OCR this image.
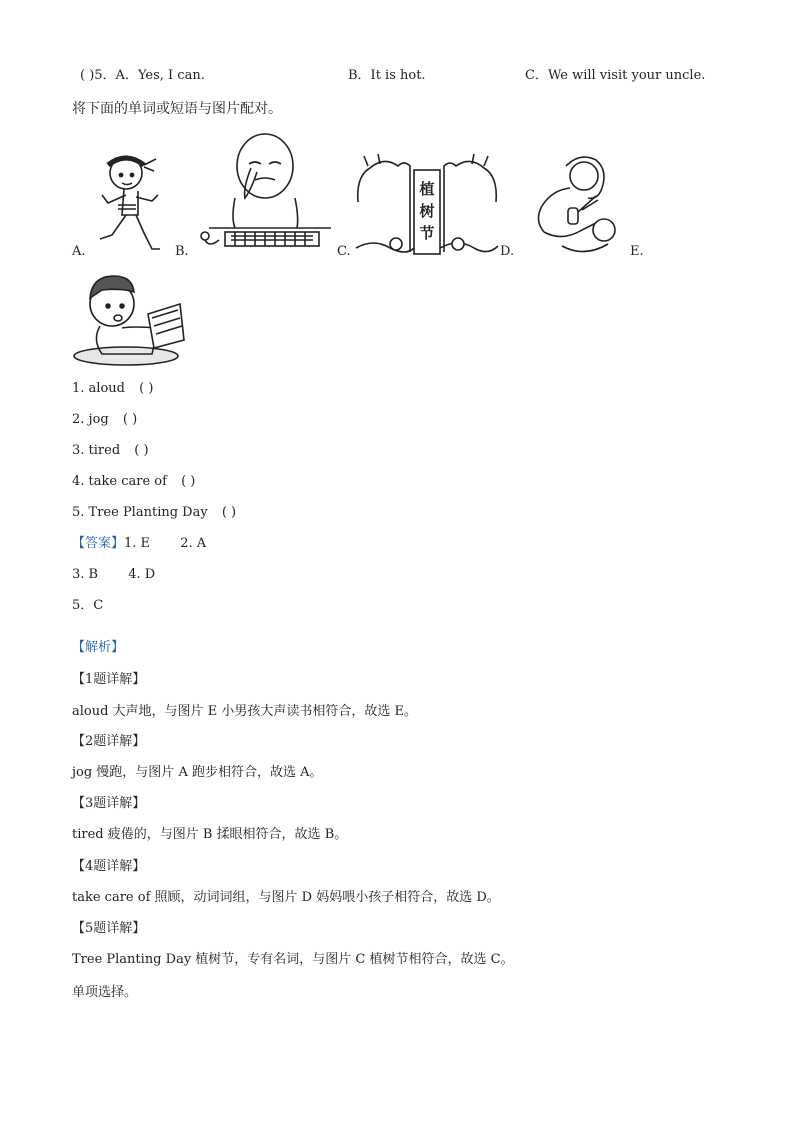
( )5．A．Yes, I can.	B．It is hot.	C．We will visit your uncle.
将下面的单词或短语与图片配对。
A.	B.
植树节
C.	D.	E.
1. aloud ( )
2. jog ( )
3. tired ( )
4. take care of ( )
5. Tree Planting Day ( )
【答案】1. E 2. A
3. B 4. D
5．C
【解析】
【1题详解】
aloud 大声地，与图片 E 小男孩大声读书相符合，故选 E。
【2题详解】
jog 慢跑，与图片 A 跑步相符合，故选 A。
【3题详解】
tired 疲倦的，与图片 B 揉眼相符合，故选 B。
【4题详解】
take care of 照顾，动词词组，与图片 D 妈妈喂小孩子相符合，故选 D。
【5题详解】
Tree Planting Day 植树节，专有名词，与图片 C 植树节相符合，故选 C。
单项选择。
